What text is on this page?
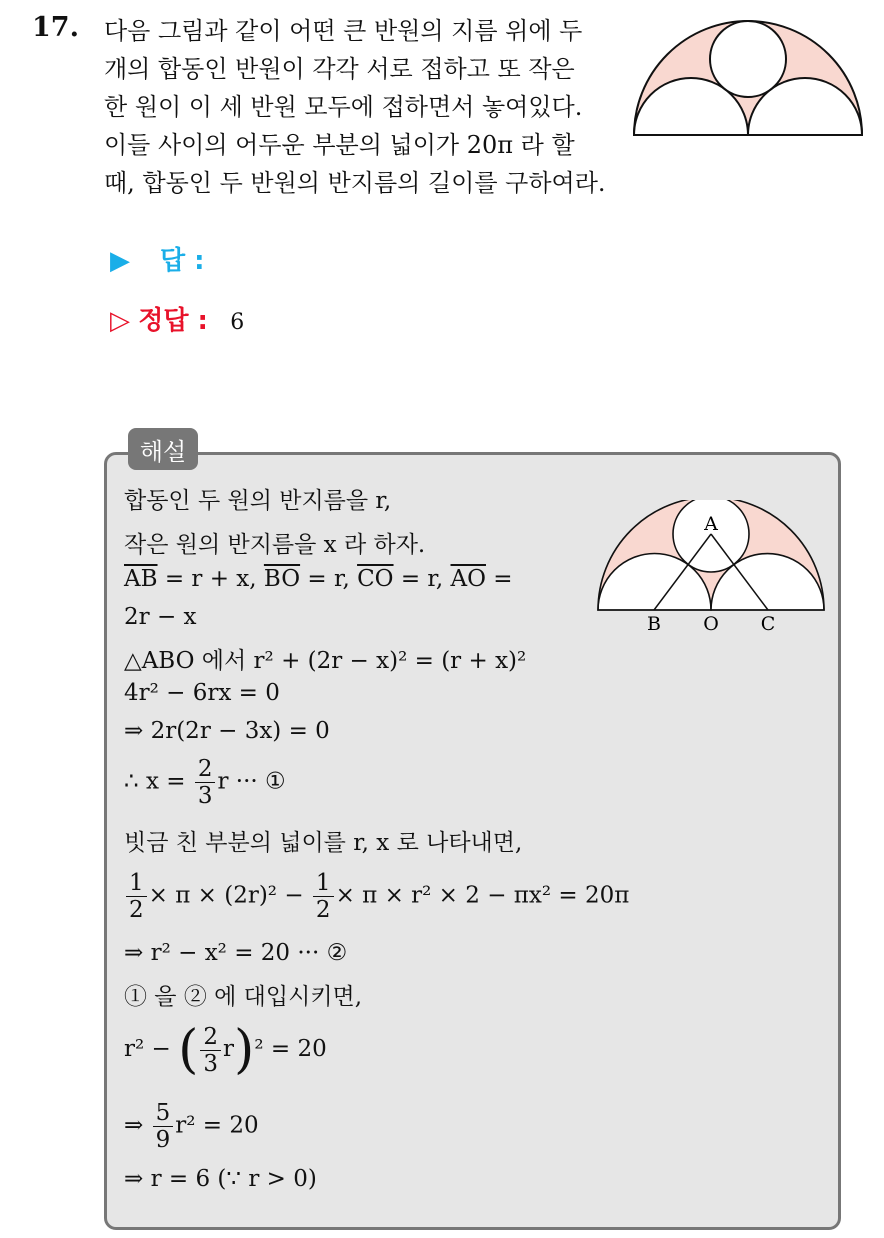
17. 다음 그림과 같이 어떤 큰 반원의 지름 위에 두
개의 합동인 반원이 각각 서로 접하고 또 작은
한 원이 이 세 반원 모두에 접하면서 놓여있다.
이들 사이의 어두운 부분의 넓이가 20π 라 할
때, 합동인 두 반원의 반지름의 길이를 구하여라.
▶ 답 :
▷ 정답 : 6
해설
합동인 두 원의 반지름을 r,
작은 원의 반지름을 x 라 하자.
$\overline{AB} = r + x$, $\overline{BO} = r$, $\overline{CO} = r$, $\overline{AO}$ =
2r − x
△ABO 에서 r² + (2r − x)² = (r + x)²
4r² − 6rx = 0
⇒ 2r(2r − 3x) = 0
∴ $x = \frac{2}{3}$ r ··· ①
빗금 친 부분의 넓이를 r, x 로 나타내면,
$\frac{1}{2} \times \pi \times (2r)^2 - \frac{1}{2} \times \pi \times r^2 \times 2 - \pi x^2 = 20\pi$
⇒ r² − x² = 20 ··· ②
① 을 ② 에 대입시키면,
r² − ( $\frac{2}{3} r)^2 = 20$
⇒ $\frac{5}{9} r^2 = 20$
⇒ r = 6 (∵ r > 0)
A
B O C
